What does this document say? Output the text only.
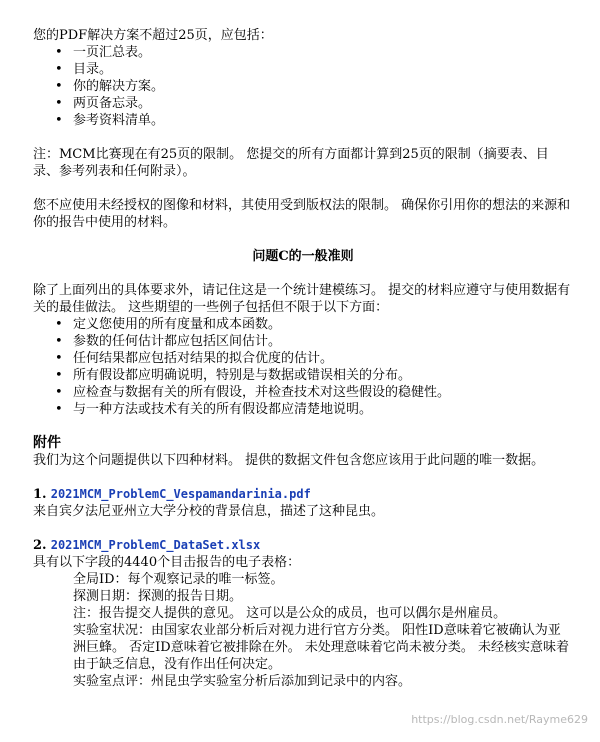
您的PDF解决方案不超过25页，应包括：

• 一页汇总表。
• 目录。
• 你的解决方案。
• 两页备忘录。
• 参考资料清单。

注：MCM比赛现在有25页的限制。 您提交的所有方面都计算到25页的限制（摘要表、目录、参考列表和任何附录）。

您不应使用未经授权的图像和材料，其使用受到版权法的限制。 确保你引用你的想法的来源和你的报告中使用的材料。

问题C的一般准则

除了上面列出的具体要求外，请记住这是一个统计建模练习。 提交的材料应遵守与使用数据有关的最佳做法。 这些期望的一些例子包括但不限于以下方面：

• 定义您使用的所有度量和成本函数。
• 参数的任何估计都应包括区间估计。
• 任何结果都应包括对结果的拟合优度的估计。
• 所有假设都应明确说明，特别是与数据或错误相关的分布。
• 应检查与数据有关的所有假设，并检查技术对这些假设的稳健性。
• 与一种方法或技术有关的所有假设都应清楚地说明。

附件

我们为这个问题提供以下四种材料。 提供的数据文件包含您应该用于此问题的唯一数据。

1. 2021MCM_ProblemC_Vespamandarinia.pdf

来自宾夕法尼亚州立大学分校的背景信息，描述了这种昆虫。

2. 2021MCM_ProblemC_DataSet.xlsx

具有以下字段的4440个目击报告的电子表格：

全局ID：每个观察记录的唯一标签。

探测日期：探测的报告日期。

注：报告提交人提供的意见。 这可以是公众的成员，也可以偶尔是州雇员。

实验室状况：由国家农业部分析后对视力进行官方分类。 阳性ID意味着它被确认为亚洲巨蜂。 否定ID意味着它被排除在外。 未处理意味着它尚未被分类。 未经核实意味着由于缺乏信息，没有作出任何决定。

实验室点评：州昆虫学实验室分析后添加到记录中的内容。

https://blog.csdn.net/Rayme629
